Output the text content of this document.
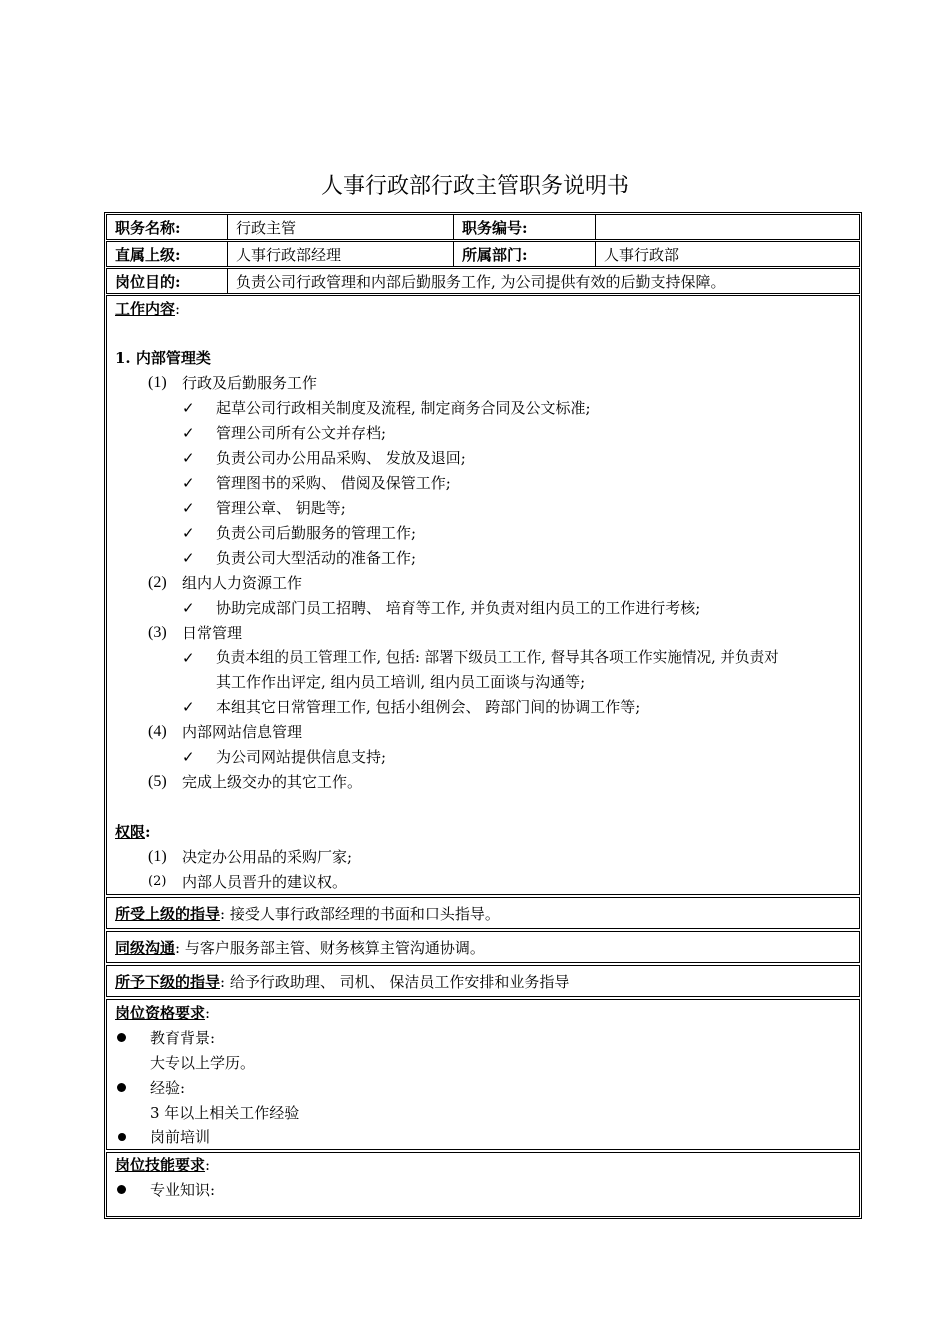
人事行政部行政主管职务说明书
职务名称:	行政主管	职务编号:
直属上级:	人事行政部经理	所属部门:	人事行政部
岗位目的:	负责公司行政管理和内部后勤服务工作, 为公司提供有效的后勤支持保障。
工作内容:
1. 内部管理类
(1) 行政及后勤服务工作
✓ 起草公司行政相关制度及流程, 制定商务合同及公文标准;
✓ 管理公司所有公文并存档;
✓ 负责公司办公用品采购、 发放及退回;
✓ 管理图书的采购、 借阅及保管工作;
✓ 管理公章、 钥匙等;
✓ 负责公司后勤服务的管理工作;
✓ 负责公司大型活动的准备工作;
(2) 组内人力资源工作
✓ 协助完成部门员工招聘、 培育等工作, 并负责对组内员工的工作进行考核;
(3) 日常管理
✓ 负责本组的员工管理工作, 包括: 部署下级员工工作, 督导其各项工作实施情况, 并负责对
其工作作出评定, 组内员工培训, 组内员工面谈与沟通等;
✓ 本组其它日常管理工作, 包括小组例会、 跨部门间的协调工作等;
(4) 内部网站信息管理
✓ 为公司网站提供信息支持;
(5) 完成上级交办的其它工作。
权限:
(1) 决定办公用品的采购厂家;
(2) 内部人员晋升的建议权。
所受上级的指导 : 接受人事行政部经理的书面和口头指导。
同级沟通 : 与客户服务部主管、财务核算主管沟通协调。
所予下级的指导 : 给予行政助理、 司机、 保洁员工作安排和业务指导
岗位资格要求:
教育背景:
大专以上学历。
经验:
3 年以上相关工作经验
岗前培训
岗位技能要求:
专业知识:
